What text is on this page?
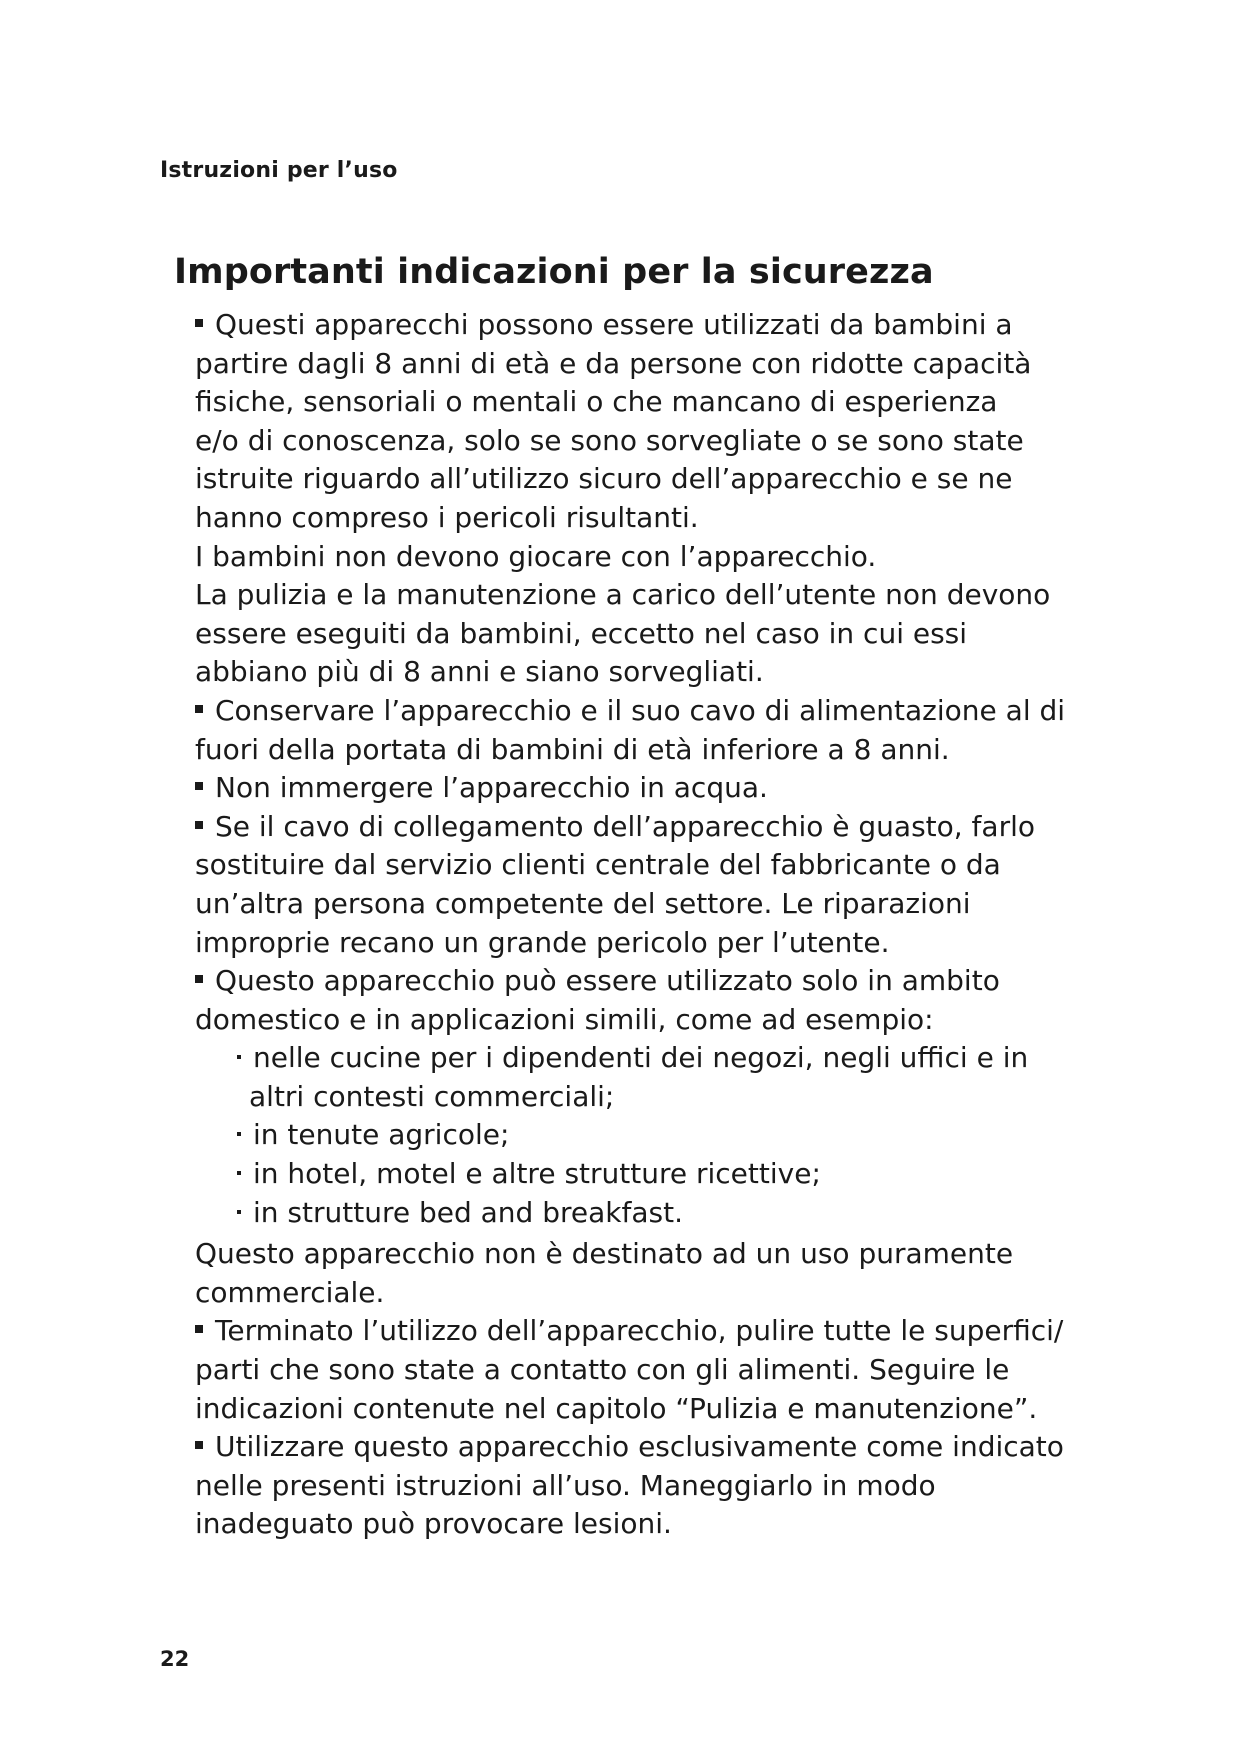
Istruzioni per l’uso
Importanti indicazioni per la sicurezza
Questi apparecchi possono essere utilizzati da bambini a
partire dagli 8 anni di età e da persone con ridotte capacità
fisiche, sensoriali o mentali o che mancano di esperienza
e/o di conoscenza, solo se sono sorvegliate o se sono state
istruite riguardo all’utilizzo sicuro dell’apparecchio e se ne
hanno compreso i pericoli risultanti.
I bambini non devono giocare con l’apparecchio.
La pulizia e la manutenzione a carico dell’utente non devono
essere eseguiti da bambini, eccetto nel caso in cui essi
abbiano più di 8 anni e siano sorvegliati.
Conservare l’apparecchio e il suo cavo di alimentazione al di
fuori della portata di bambini di età inferiore a 8 anni.
Non immergere l’apparecchio in acqua.
Se il cavo di collegamento dell’apparecchio è guasto, farlo
sostituire dal servizio clienti centrale del fabbricante o da
un’altra persona competente del settore. Le riparazioni
improprie recano un grande pericolo per l’utente.
Questo apparecchio può essere utilizzato solo in ambito
domestico e in applicazioni simili, come ad esempio:
nelle cucine per i dipendenti dei negozi, negli uffici e in
altri contesti commerciali;
in tenute agricole;
in hotel, motel e altre strutture ricettive;
in strutture bed and breakfast.
Questo apparecchio non è destinato ad un uso puramente
commerciale.
Terminato l’utilizzo dell’apparecchio, pulire tutte le superfici/
parti che sono state a contatto con gli alimenti. Seguire le
indicazioni contenute nel capitolo “Pulizia e manutenzione”.
Utilizzare questo apparecchio esclusivamente come indicato
nelle presenti istruzioni all’uso. Maneggiarlo in modo
inadeguato può provocare lesioni.
22
